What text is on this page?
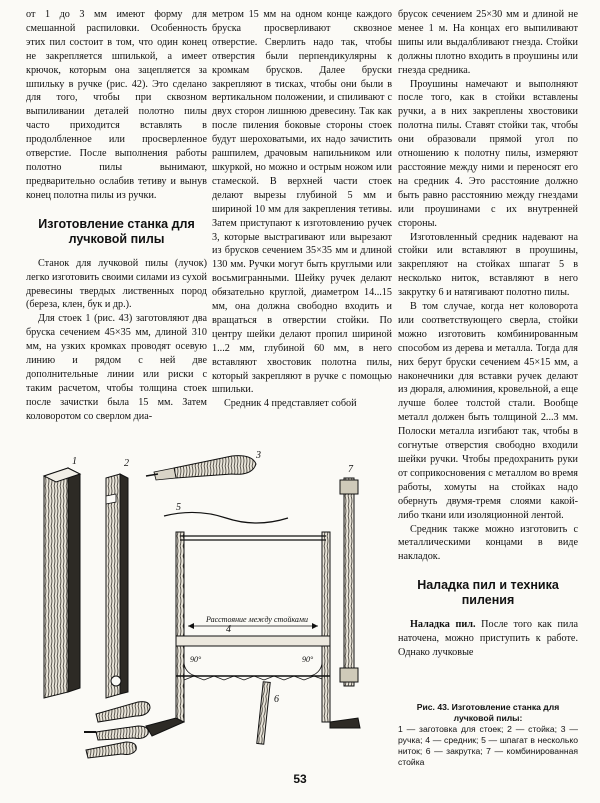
от 1 до 3 мм имеют форму для смешанной распиловки. Особенность этих пил состоит в том, что один конец не закрепляется шпилькой, а имеет крючок, которым она зацепляется за шпильку в ручке (рис. 42). Это сделано для того, чтобы при сквозном выпиливании деталей полотно пилы часто приходится вставлять в продолбленное или просверленное отверстие. После выполнения работы полотно пилы вынимают, предварительно ослабив тетиву и вынув конец полотна пилы из ручки.

Изготовление станка для лучковой пилы

Станок для лучковой пилы (лучок) легко изготовить своими силами из сухой древесины твердых лиственных пород (береза, клен, бук и др.).

Для стоек 1 (рис. 43) заготовляют два бруска сечением 45×35 мм, длиной 310 мм, на узких кромках проводят осевую линию и рядом с ней две дополнительные линии или риски с таким расчетом, чтобы толщина стоек после зачистки была 15 мм. Затем коловоротом со сверлом диа-

метром 15 мм на одном конце каждого бруска просверливают сквозное отверстие. Сверлить надо так, чтобы отверстия были перпендикулярны к кромкам брусков. Далее бруски закрепляют в тисках, чтобы они были в вертикальном положении, и спиливают с двух сторон лишнюю древесину. Так как после пиления боковые стороны стоек будут шероховатыми, их надо зачистить рашпилем, драчовым напильником или шкуркой, но можно и острым ножом или стамеской. В верхней части стоек делают вырезы глубиной 5 мм и шириной 10 мм для закрепления тетивы. Затем приступают к изготовлению ручек 3, которые выстрагивают или вырезают из брусков сечением 35×35 мм и длиной 130 мм. Ручки могут быть круглыми или восьмигранными. Шейку ручек делают обязательно круглой, диаметром 14...15 мм, она должна свободно входить и вращаться в отверстии стойки. По центру шейки делают пропил шириной 1...2 мм, глубиной 60 мм, в него вставляют хвостовик полотна пилы, который закрепляют в ручке с помощью шпильки.

Средник 4 представляет собой

брусок сечением 25×30 мм и длиной не менее 1 м. На концах его выпиливают шипы или выдалбливают гнезда. Стойки должны плотно входить в проушины или гнезда средника.

Проушины намечают и выполняют после того, как в стойки вставлены ручки, а в них закреплены хвостовики полотна пилы. Ставят стойки так, чтобы они образовали прямой угол по отношению к полотну пилы, измеряют расстояние между ними и переносят его на средник 4. Это расстояние должно быть равно расстоянию между гнездами или проушинами с их внутренней стороны.

Изготовленный средник надевают на стойки или вставляют в проушины, закрепляют на стойках шпагат 5 в несколько ниток, вставляют в него закрутку 6 и натягивают полотно пилы.

В том случае, когда нет коловорота или соответствующего сверла, стойки можно изготовить комбинированным способом из дерева и металла. Тогда для них берут бруски сечением 45×15 мм, а наконечники для вставки ручек делают из дюраля, алюминия, кровельной, а еще лучше более толстой стали. Вообще металл должен быть толщиной 2...3 мм. Полоски металла изгибают так, чтобы в согнутые отверстия свободно входили шейки ручки. Чтобы предохранить руки от соприкосновения с металлом во время работы, хомуты на стойках надо обернуть двумя-тремя слоями какой-либо ткани или изоляционной лентой.

Средник также можно изготовить с металлическими концами в виде накладок.

Наладка пил и техника пиления

Наладка пил. После того как пила наточена, можно приступить к работе. Однако лучковые

1	2
3
4
5
6
7
Расстояние между стойками
90°	90°
Рис. 43. Изготовление станка для лучковой пилы:
1 — заготовка для стоек; 2 — стойка; 3 — ручка; 4 — средник; 5 — шпагат в несколько ниток; 6 — закрутка; 7 — комбинированная стойка
53
